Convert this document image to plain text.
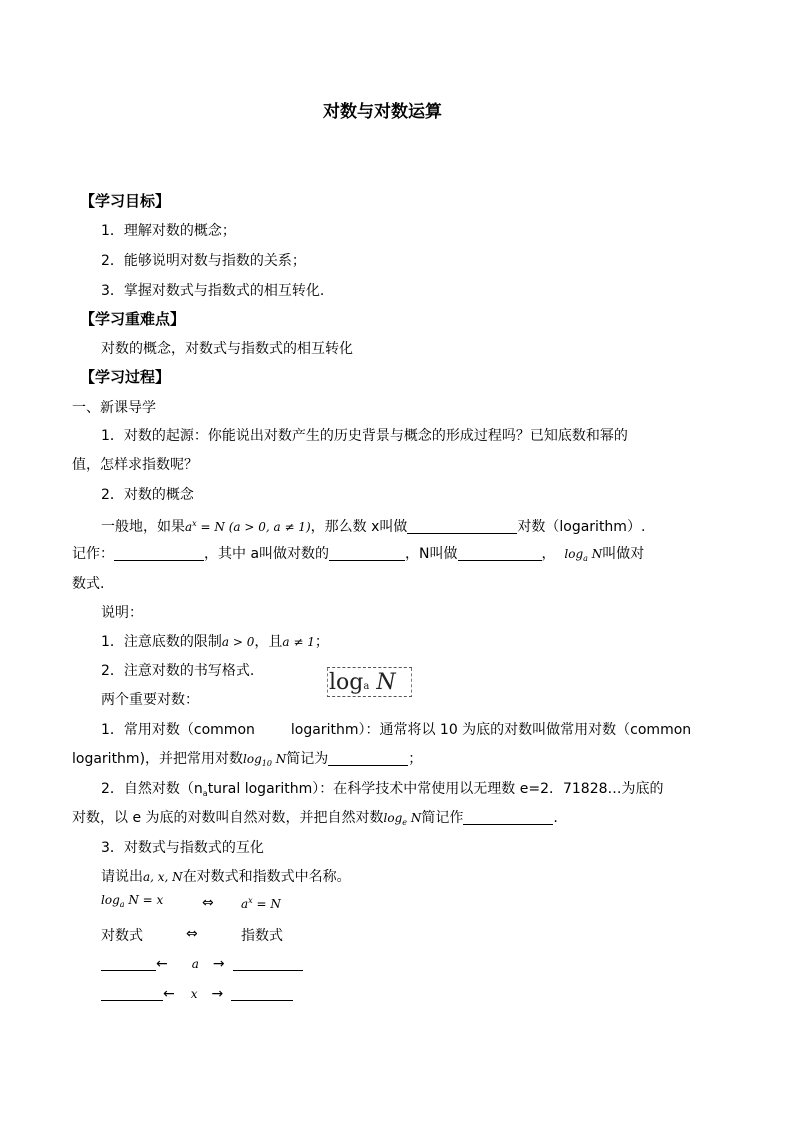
对数与对数运算
【学习目标】
1．理解对数的概念；
2．能够说明对数与指数的关系；
3．掌握对数式与指数式的相互转化.
【学习重难点】
对数的概念，对数式与指数式的相互转化
【学习过程】
一、新课导学
1．对数的起源：你能说出对数产生的历史背景与概念的形成过程吗？已知底数和幂的
值，怎样求指数呢？
2．对数的概念
一般地，如果$a^x = N$ (a > 0, a ≠ 1)，那么数 x叫做	对数（logarithm）.
记作：	，其中 a叫做对数的	，N叫做	， $\log_a N$叫做对
数式.
说明：
1．注意底数的限制a > 0，且a ≠ 1；
2．注意对数的书写格式.	loga N
两个重要对数：
1．常用对数（common	logarithm）：通常将以 10 为底的对数叫做常用对数（common
logarithm)，并把常用对数$\log_{10} N$简记为	；
2．自然对数（$n_atural$ logarithm）：在科学技术中常使用以无理数 e=2．71828…为底的
对数，以 e 为底的对数叫自然对数，并把自然对数$\log_e N$简记作	.
3．对数式与指数式的互化
请说出a, x, N在对数式和指数式中名称。
$\log_a N = x$	⇔ $a^x = N$
对数式	⇔	指数式
← a →
← x →
